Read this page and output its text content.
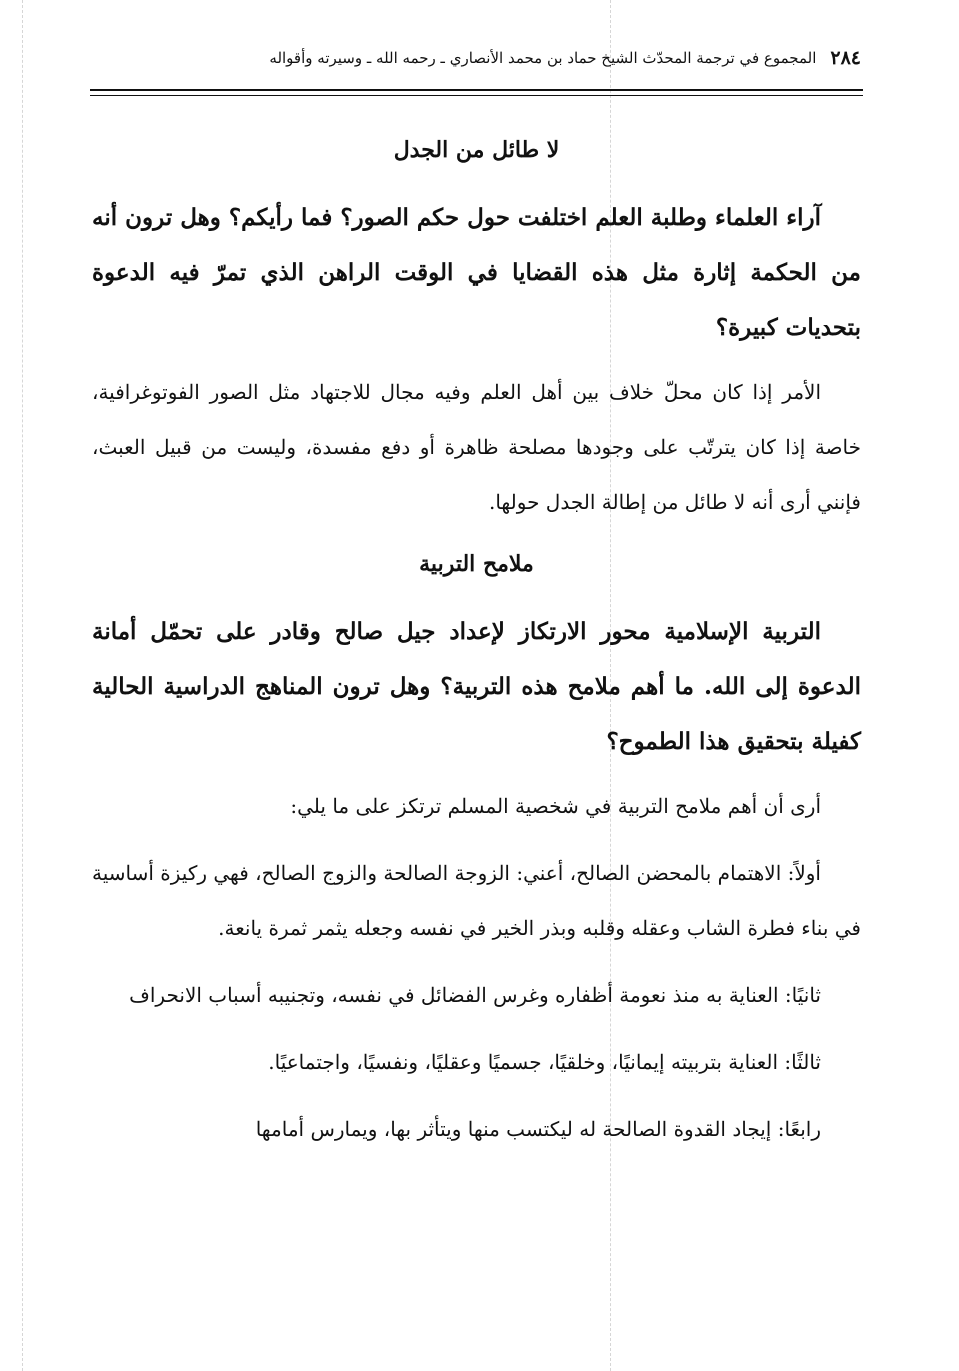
٢٨٤
المجموع في ترجمة المحدّث الشيخ حماد بن محمد الأنصاري ـ رحمه الله ـ وسيرته وأقواله
لا طائل من الجدل
آراء العلماء وطلبة العلم اختلفت حول حكم الصور؟ فما رأيكم؟ وهل ترون أنه من الحكمة إثارة مثل هذه القضايا في الوقت الراهن الذي تمرّ فيه الدعوة بتحديات كبيرة؟
الأمر إذا كان محلّ خلاف بين أهل العلم وفيه مجال للاجتهاد مثل الصور الفوتوغرافية، خاصة إذا كان يترتّب على وجودها مصلحة ظاهرة أو دفع مفسدة، وليست من قبيل العبث، فإنني أرى أنه لا طائل من إطالة الجدل حولها.
ملامح التربية
التربية الإسلامية محور الارتكاز لإعداد جيل صالح وقادر على تحمّل أمانة الدعوة إلى الله. ما أهم ملامح هذه التربية؟ وهل ترون المناهج الدراسية الحالية كفيلة بتحقيق هذا الطموح؟
أرى أن أهم ملامح التربية في شخصية المسلم ترتكز على ما يلي:
أولاً: الاهتمام بالمحضن الصالح، أعني: الزوجة الصالحة والزوج الصالح، فهي ركيزة أساسية في بناء فطرة الشاب وعقله وقلبه وبذر الخير في نفسه وجعله يثمر ثمرة يانعة.
ثانيًا: العناية به منذ نعومة أظفاره وغرس الفضائل في نفسه، وتجنيبه أسباب الانحراف
ثالثًا: العناية بتربيته إيمانيًا، وخلقيًا، جسميًا وعقليًا، ونفسيًا، واجتماعيًا.
رابعًا: إيجاد القدوة الصالحة له ليكتسب منها ويتأثر بها، ويمارس أمامها
